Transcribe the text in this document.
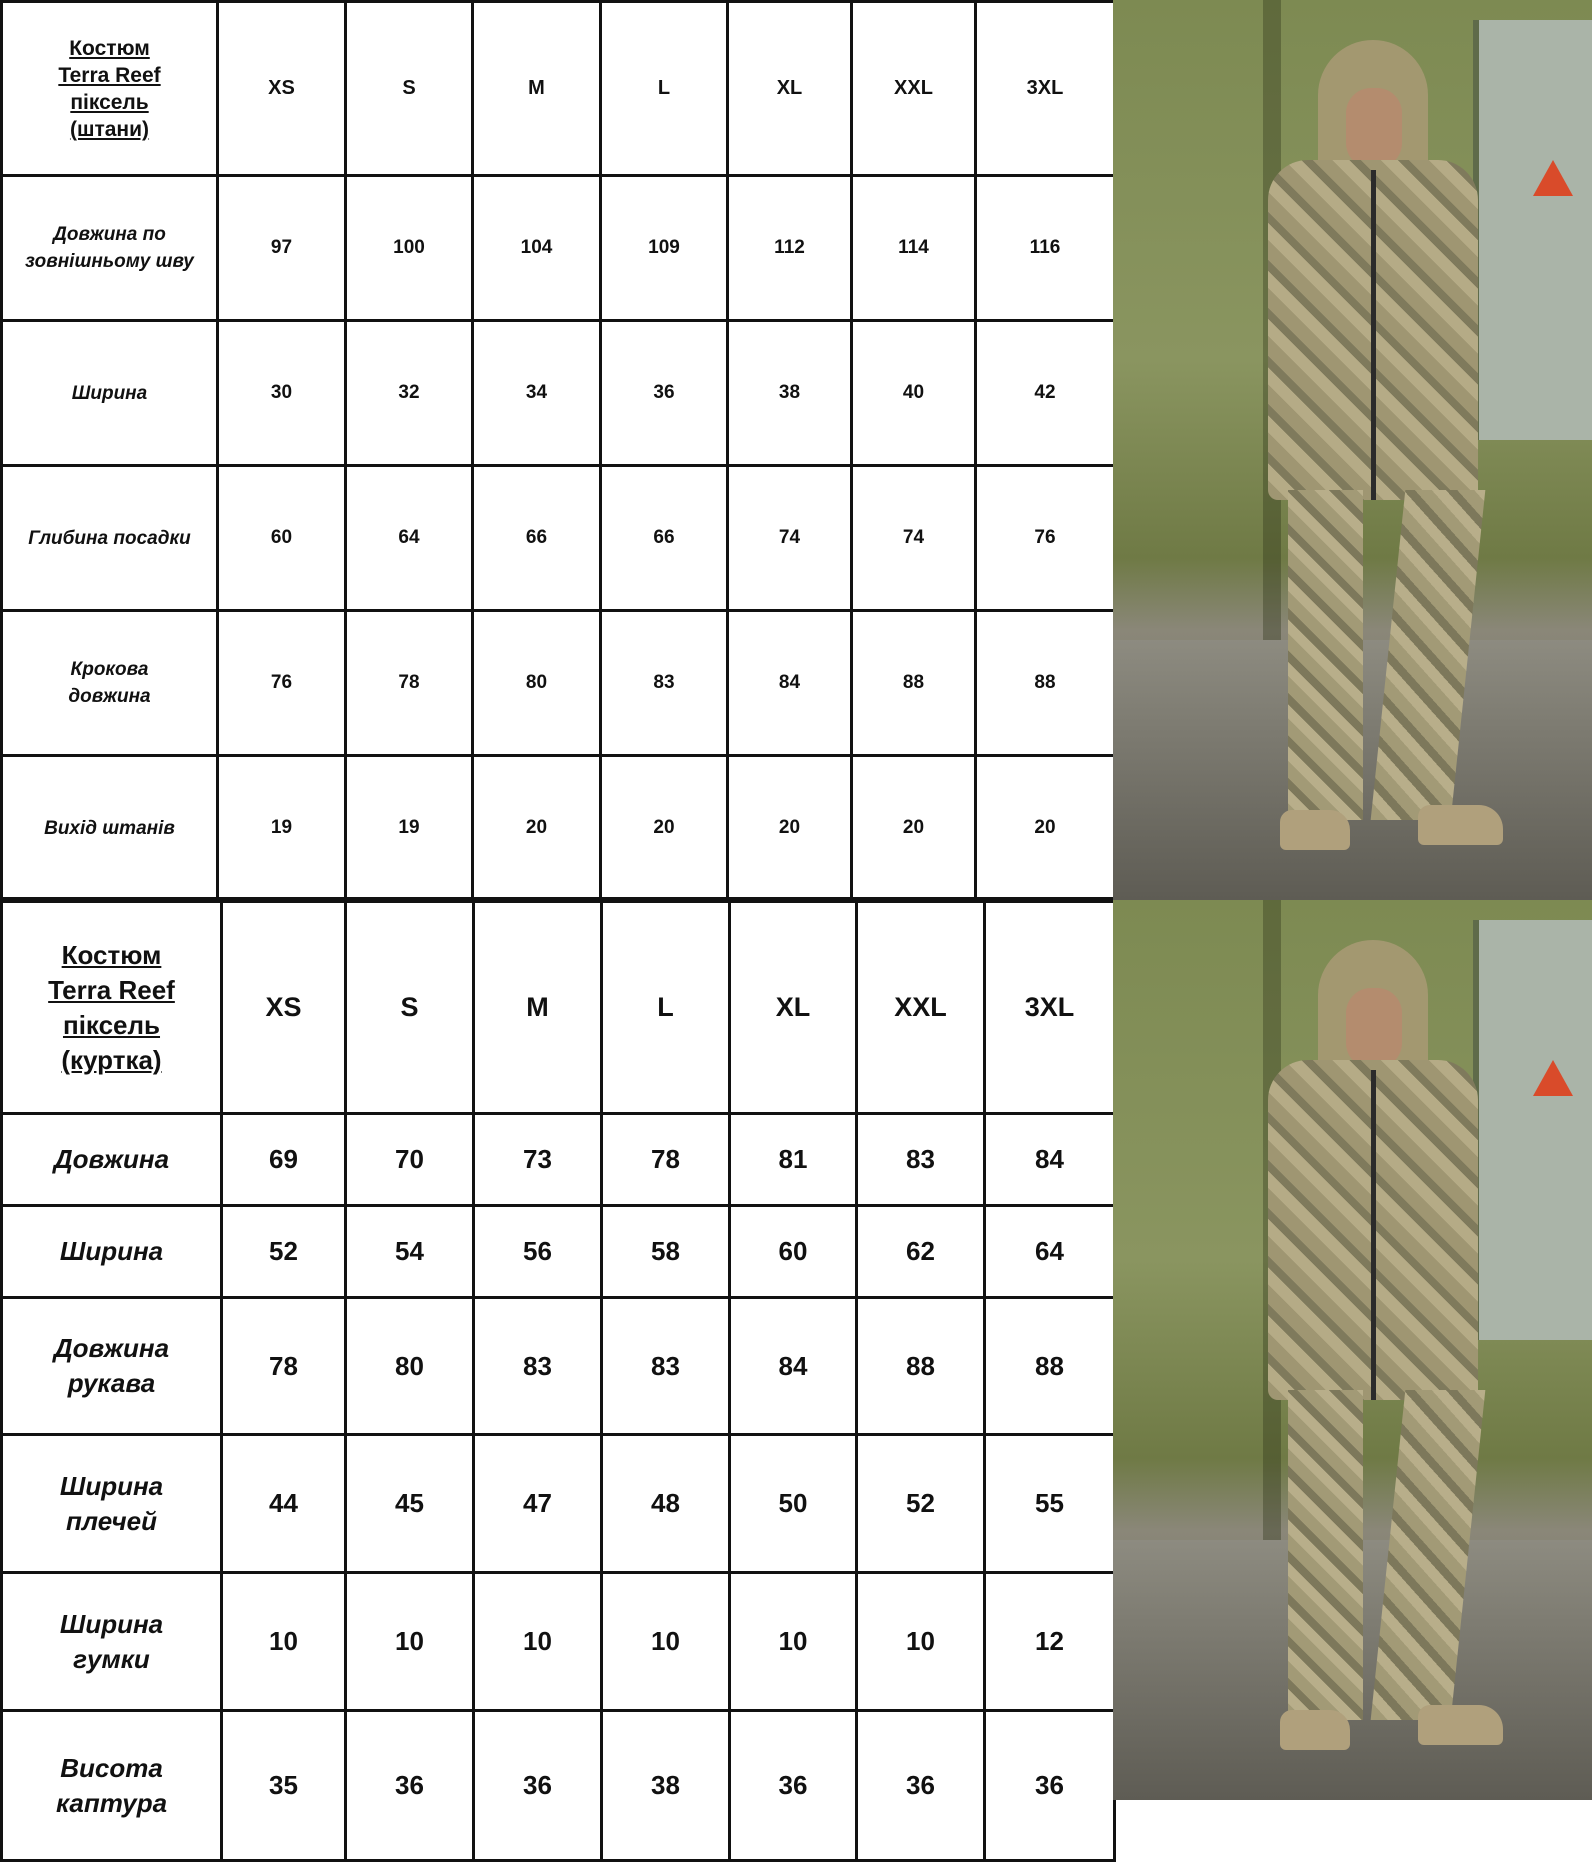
Костюм
Terra Reef
піксель
(штани)	XS	S	M	L	XL	XXL	3XL

Довжина по
зовнішньому шву	97	100	104	109	112	114	116
Ширина	30	32	34	36	38	40	42
Глибина посадки	60	64	66	66	74	74	76

Крокова
довжина	76	78	80	83	84	88	88
Вихід штанів	19	19	20	20	20	20	20
Костюм
Terra Reef
піксель
(куртка)	XS	S	M	L	XL	XXL	3XL
Довжина	69	70	73	78	81	83	84
Ширина	52	54	56	58	60	62	64

Довжина
рукава	78	80	83	83	84	88	88

Ширина
плечей	44	45	47	48	50	52	55

Ширина
гумки	10	10	10	10	10	10	12

Висота
каптура	35	36	36	38	36	36	36
